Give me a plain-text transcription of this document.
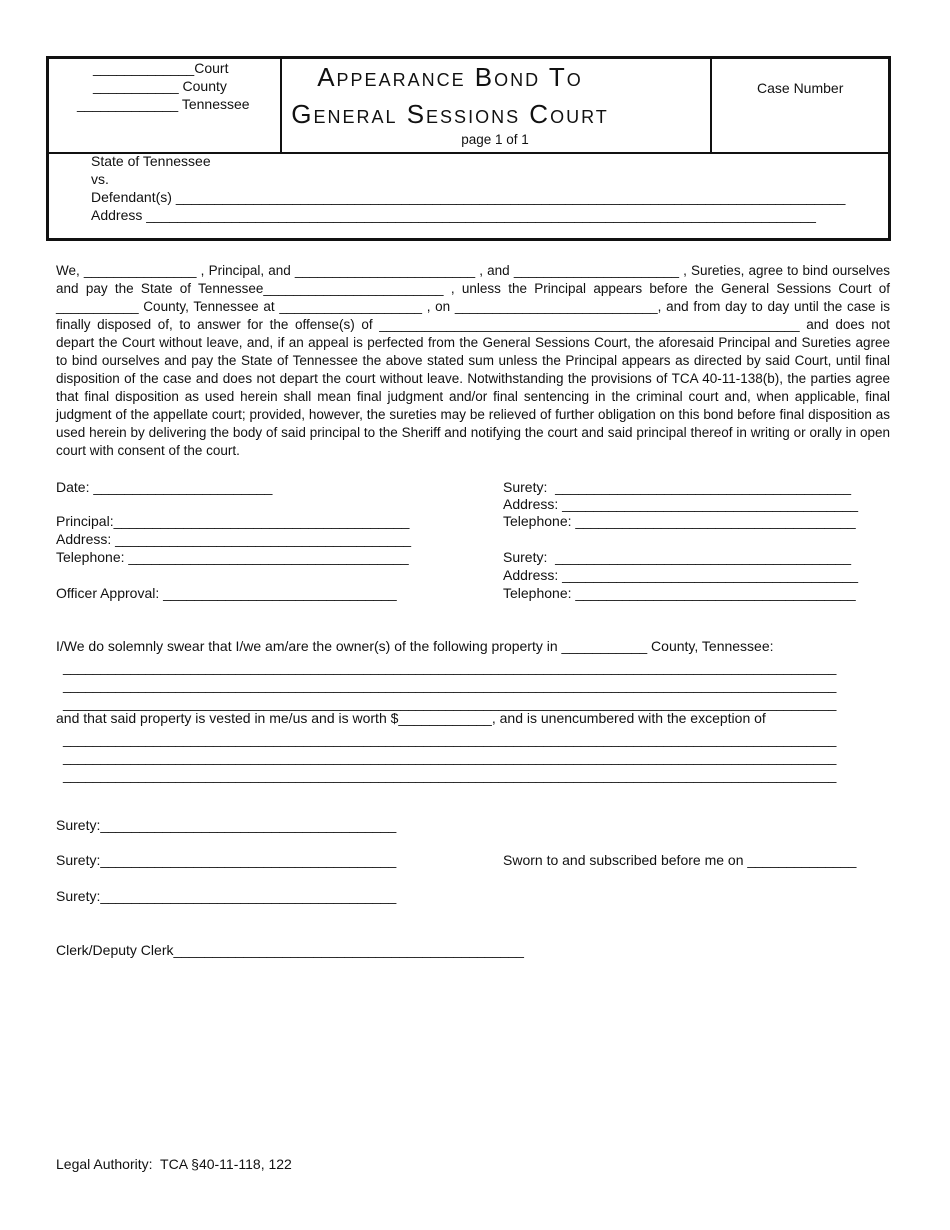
_____________Court
___________ County
_____________ Tennessee
Appearance Bond To
General Sessions Court
page 1 of 1
Case Number
State of Tennessee
vs.
Defendant(s) ______________________________________________________________________________________
Address ______________________________________________________________________________________
We, _______________ , Principal, and ________________________ , and ______________________ , Sureties, agree to bind ourselves and pay the State of Tennessee________________________ , unless the Principal appears before the General Sessions Court of ___________ County, Tennessee at ___________________ , on ___________________________, and from day to day until the case is finally disposed of, to answer for the offense(s) of ________________________________________________________ and does not depart the Court without leave, and, if an appeal is perfected from the General Sessions Court, the aforesaid Principal and Sureties agree to bind ourselves and pay the State of Tennessee the above stated sum unless the Principal appears as directed by said Court, until final disposition of the case and does not depart the court without leave. Notwithstanding the provisions of TCA 40-11-138(b), the parties agree that final disposition as used herein shall mean final judgment and/or final sentencing in the criminal court and, when applicable, final judgment of the appellate court; provided, however, the sureties may be relieved of further obligation on this bond before final disposition as used herein by delivering the body of said principal to the Sheriff and notifying the court and said principal thereof in writing or orally in open court with consent of the court.
Date: _______________________
Principal:______________________________________
Address: ______________________________________
Telephone: ____________________________________
Officer Approval: ______________________________
Surety:  ______________________________________
Address: ______________________________________
Telephone: ____________________________________
Surety:  ______________________________________
Address: ______________________________________
Telephone: ____________________________________
I/We do solemnly swear that I/we am/are the owner(s) of the following property in ___________ County, Tennessee:
_______________________________________________________________________________________________________
_______________________________________________________________________________________________________
_______________________________________________________________________________________________________
and that said property is vested in me/us and is worth $____________, and is unencumbered with the exception of
_______________________________________________________________________________________________________
_______________________________________________________________________________________________________
_______________________________________________________________________________________________________
Surety:______________________________________
Surety:______________________________________	Sworn to and subscribed before me on ______________
Surety:______________________________________
Clerk/Deputy Clerk_____________________________________________
Legal Authority:  TCA §40-11-118, 122
